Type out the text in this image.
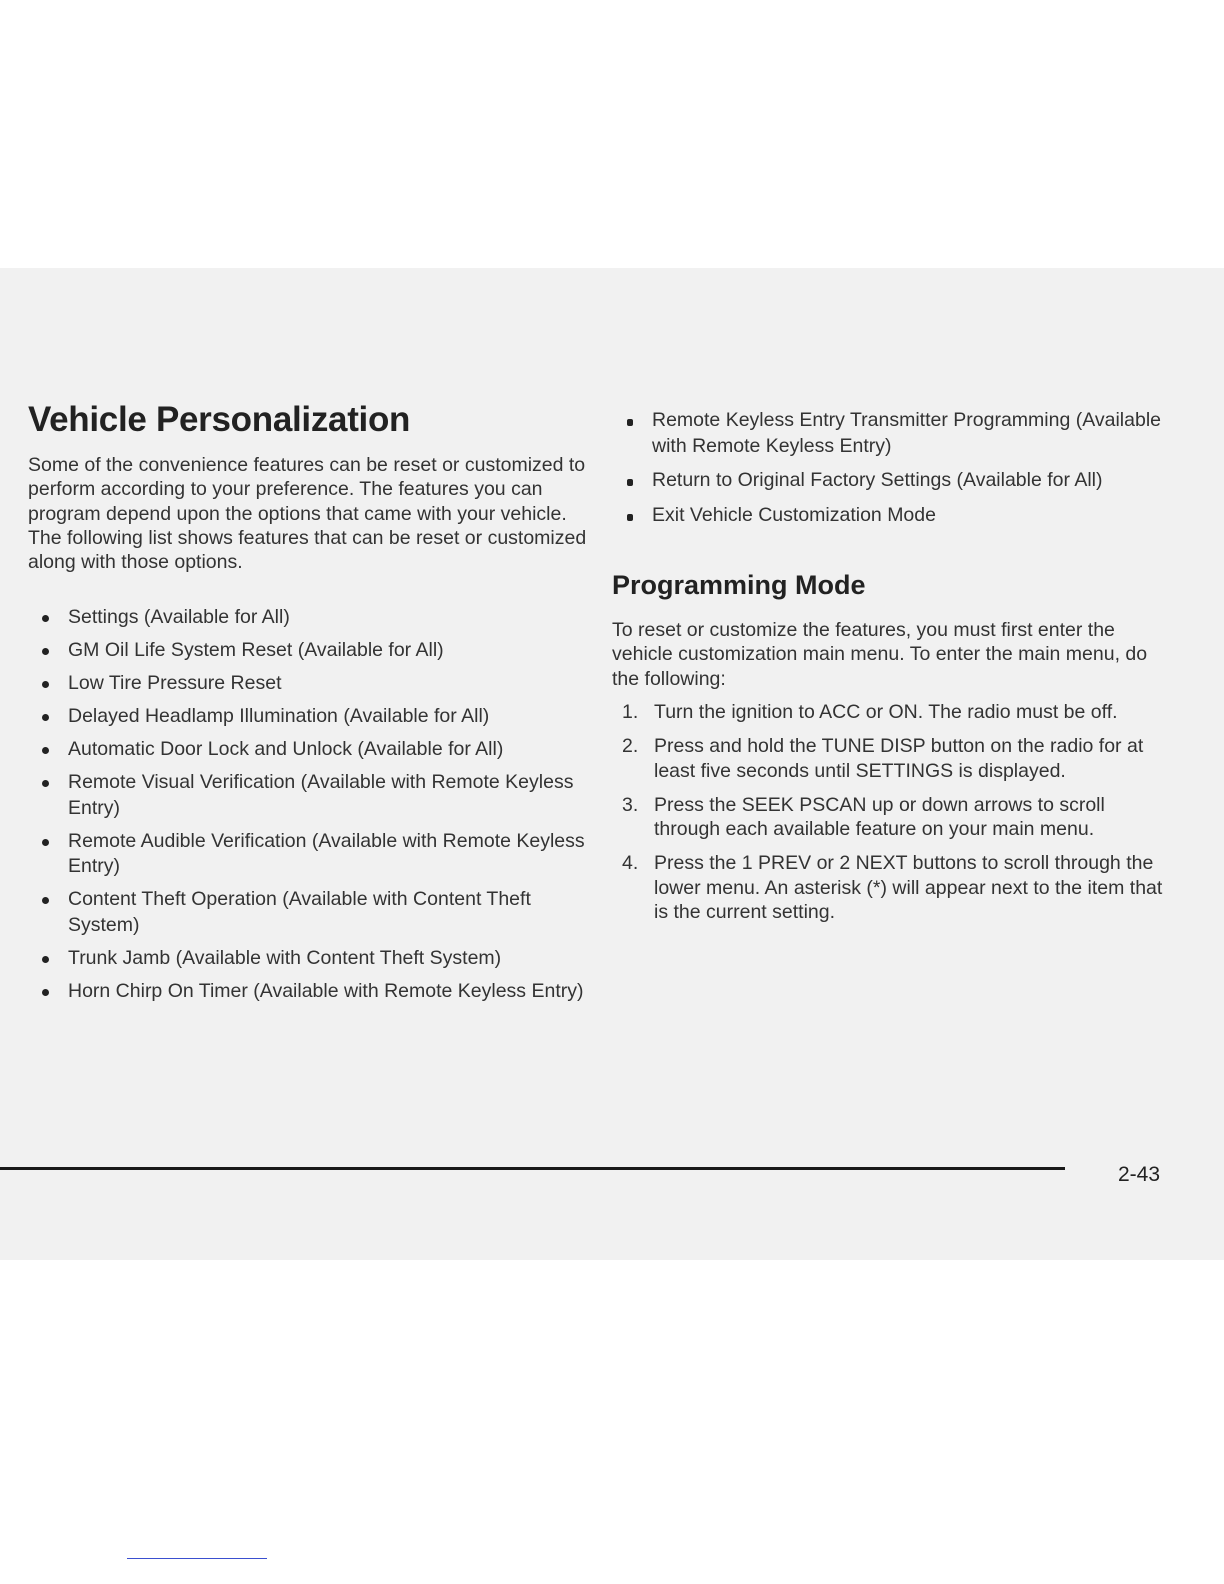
Vehicle Personalization

Some of the convenience features can be reset or customized to perform according to your preference. The features you can program depend upon the options that came with your vehicle. The following list shows features that can be reset or customized along with those options.

Settings (Available for All)
GM Oil Life System Reset (Available for All)
Low Tire Pressure Reset
Delayed Headlamp Illumination (Available for All)
Automatic Door Lock and Unlock (Available for All)
Remote Visual Verification (Available with Remote Keyless Entry)
Remote Audible Verification (Available with Remote Keyless Entry)
Content Theft Operation (Available with Content Theft System)
Trunk Jamb (Available with Content Theft System)
Horn Chirp On Timer (Available with Remote Keyless Entry)
Remote Keyless Entry Transmitter Programming (Available with Remote Keyless Entry)
Return to Original Factory Settings (Available for All)
Exit Vehicle Customization Mode
Programming Mode

To reset or customize the features, you must first enter the vehicle customization main menu. To enter the main menu, do the following:

1. Turn the ignition to ACC or ON. The radio must be off.
2. Press and hold the TUNE DISP button on the radio for at least five seconds until SETTINGS is displayed.
3. Press the SEEK PSCAN up or down arrows to scroll through each available feature on your main menu.
4. Press the 1 PREV or 2 NEXT buttons to scroll through the lower menu. An asterisk (*) will appear next to the item that is the current setting.
2-43
